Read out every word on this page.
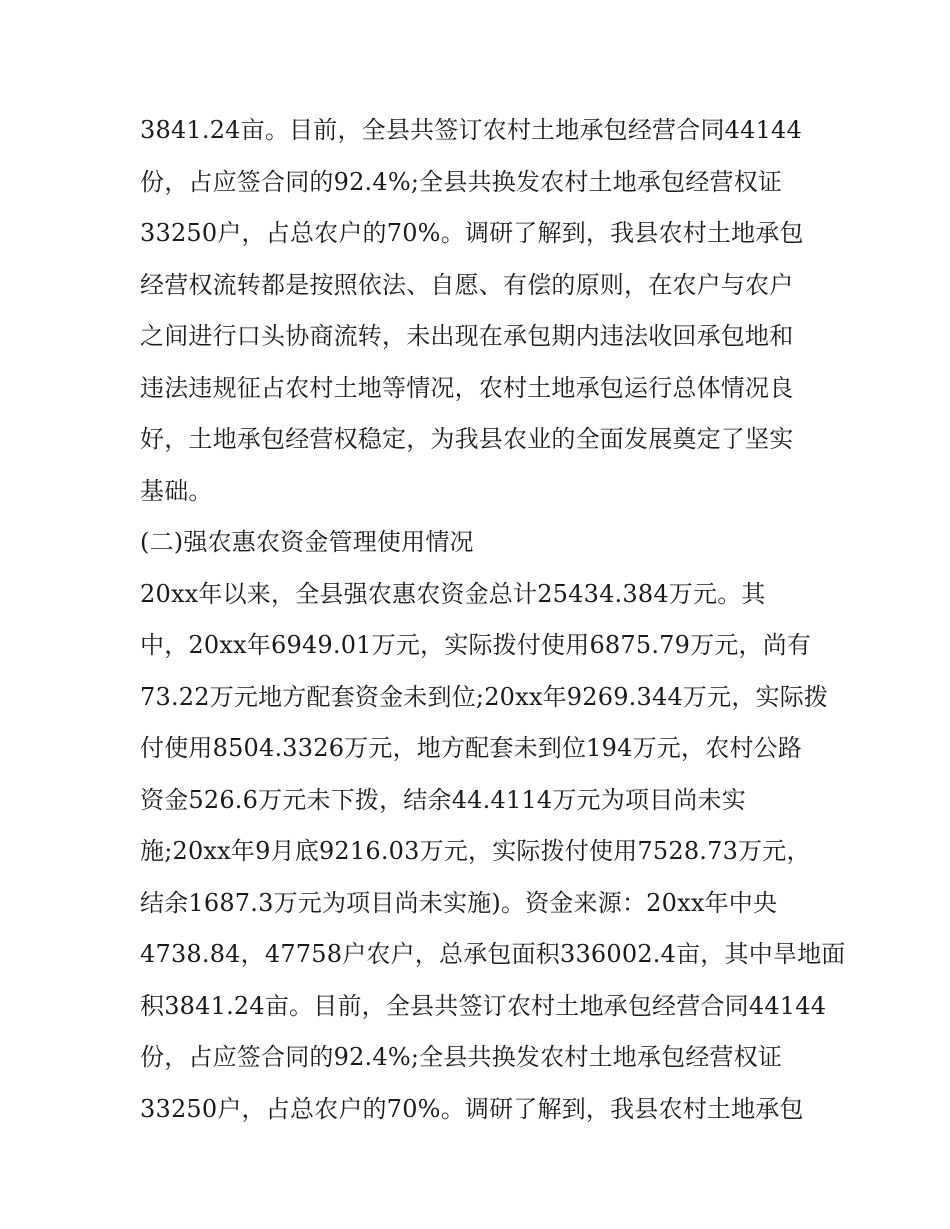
3841.24亩。目前，全县共签订农村土地承包经营合同44144
份，占应签合同的92.4%;全县共换发农村土地承包经营权证
33250户，占总农户的70%。调研了解到，我县农村土地承包
经营权流转都是按照依法、自愿、有偿的原则，在农户与农户
之间进行口头协商流转，未出现在承包期内违法收回承包地和
违法违规征占农村土地等情况，农村土地承包运行总体情况良
好，土地承包经营权稳定，为我县农业的全面发展奠定了坚实
基础。
(二)强农惠农资金管理使用情况
20xx年以来，全县强农惠农资金总计25434.384万元。其
中，20xx年6949.01万元，实际拨付使用6875.79万元，尚有
73.22万元地方配套资金未到位;20xx年9269.344万元，实际拨
付使用8504.3326万元，地方配套未到位194万元，农村公路
资金526.6万元未下拨，结余44.4114万元为项目尚未实
施;20xx年9月底9216.03万元，实际拨付使用7528.73万元，
结余1687.3万元为项目尚未实施)。资金来源：20xx年中央
4738.84，47758户农户，总承包面积336002.4亩，其中旱地面
积3841.24亩。目前，全县共签订农村土地承包经营合同44144
份，占应签合同的92.4%;全县共换发农村土地承包经营权证
33250户，占总农户的70%。调研了解到，我县农村土地承包
